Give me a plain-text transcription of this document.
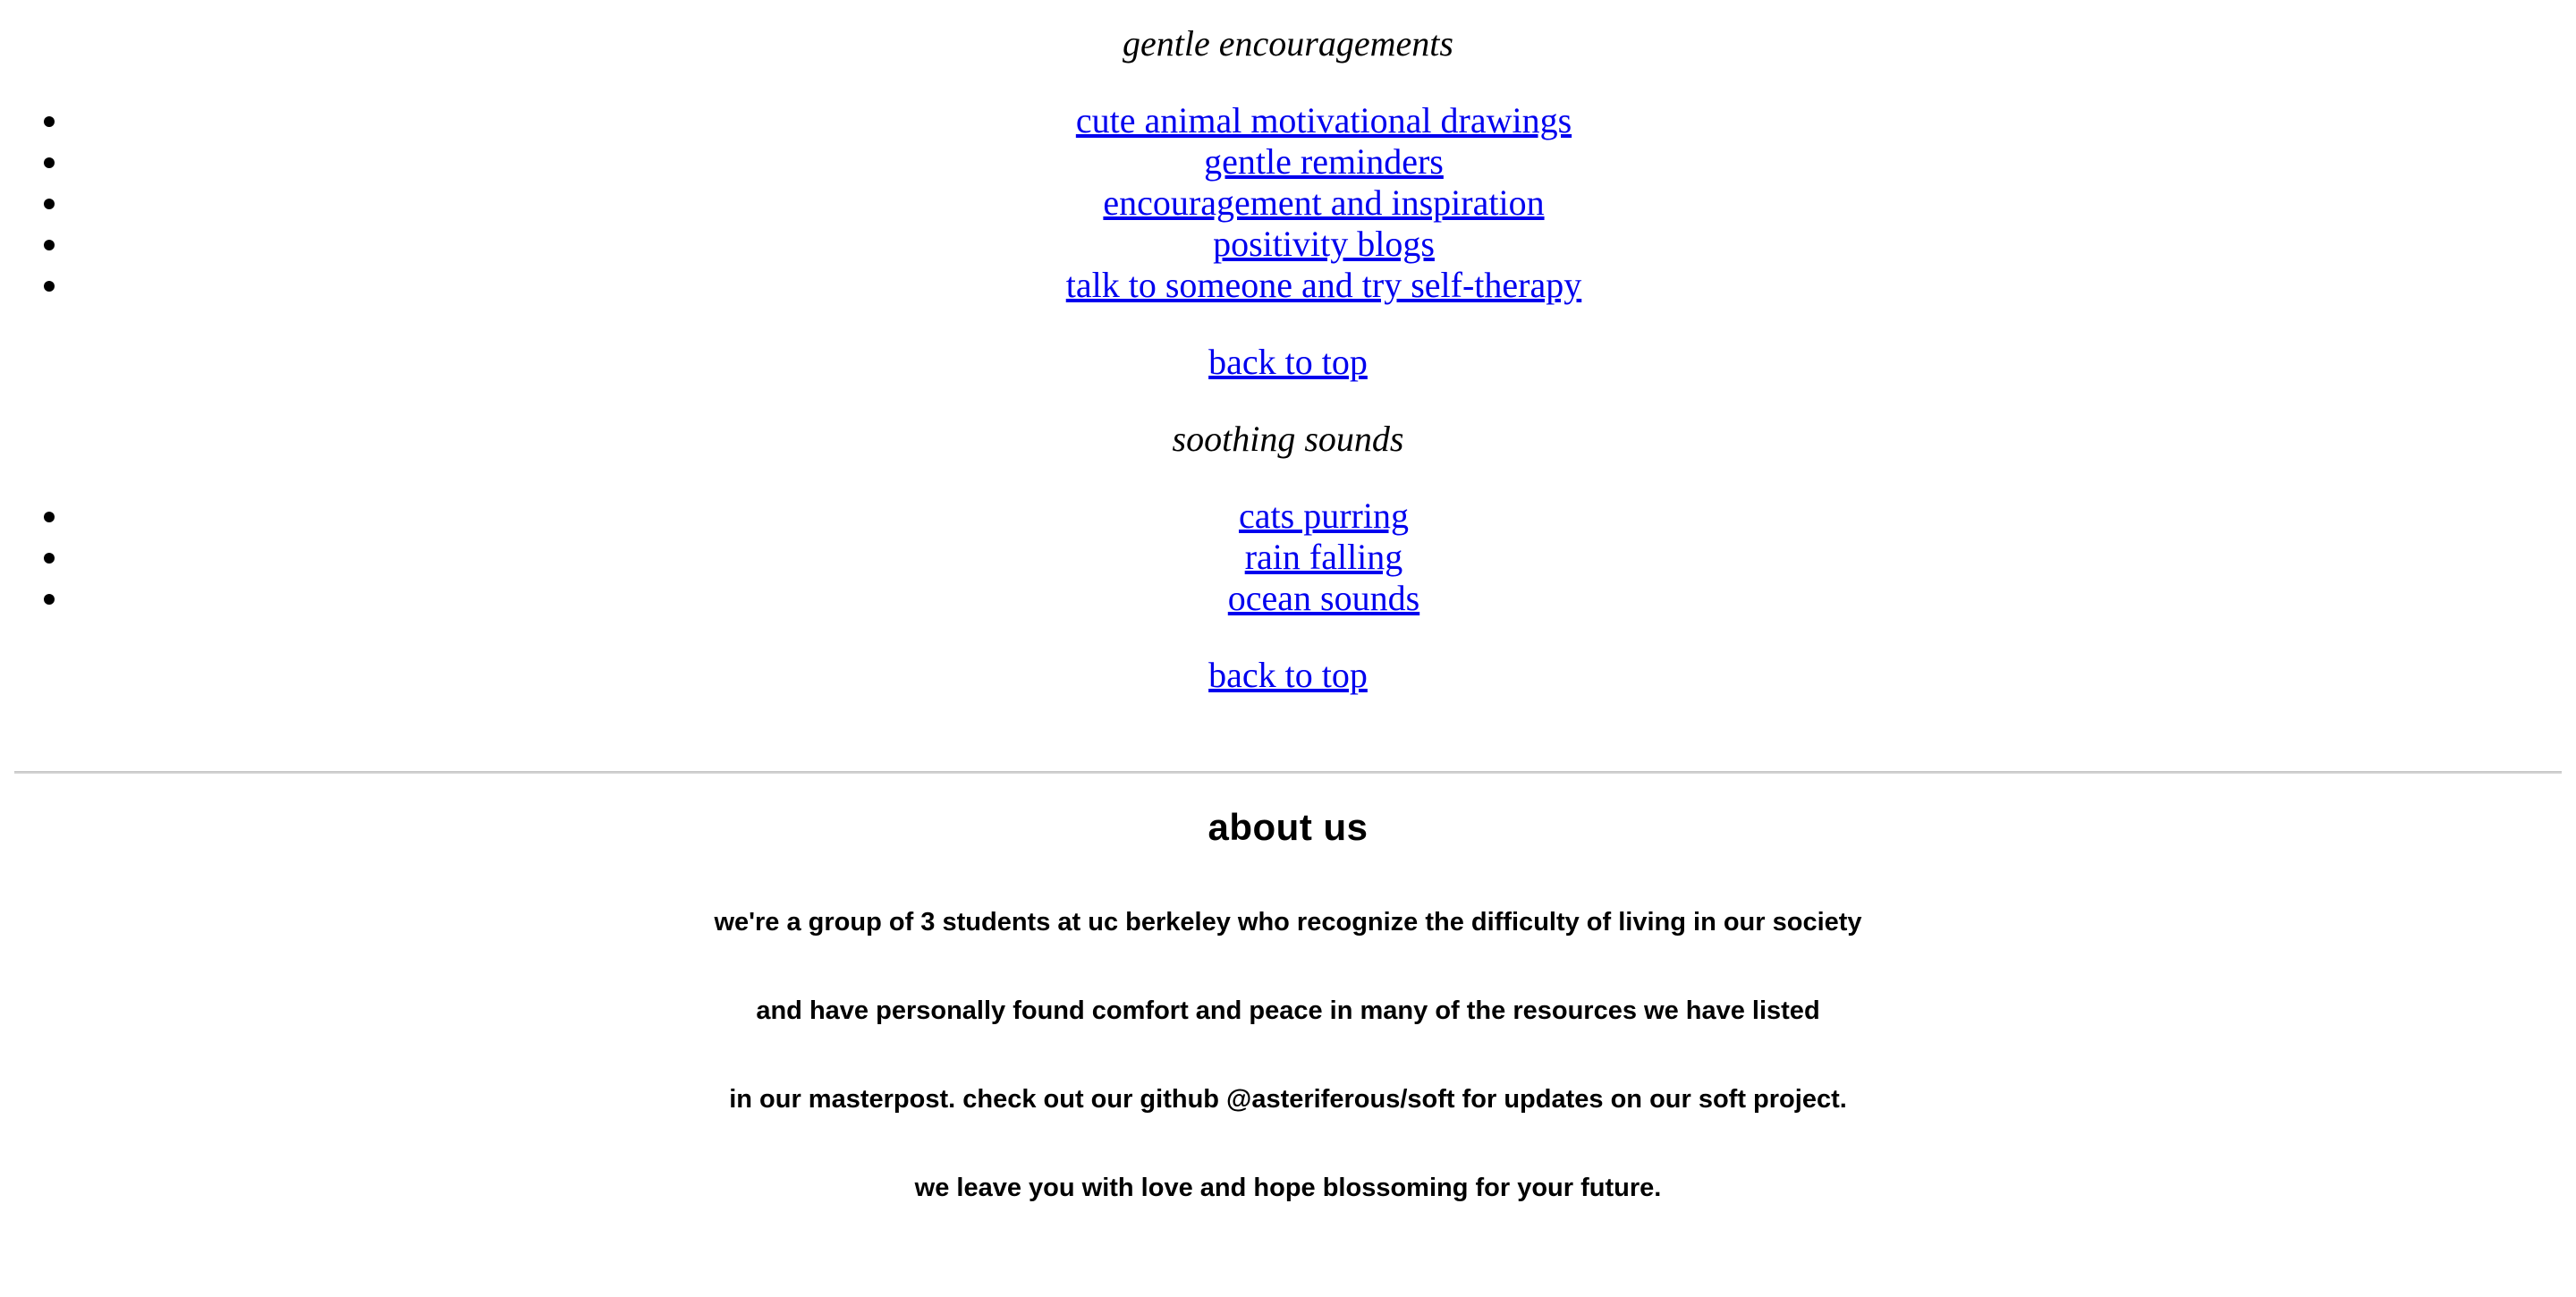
gentle encouragements

• cute animal motivational drawings
• gentle reminders
• encouragement and inspiration
• positivity blogs
• talk to someone and try self-therapy

back to top

soothing sounds

• cats purring
• rain falling
• ocean sounds

back to top

about us

we're a group of 3 students at uc berkeley who recognize the difficulty of living in our society

and have personally found comfort and peace in many of the resources we have listed

in our masterpost. check out our github @asteriferous/soft for updates on our soft project.

we leave you with love and hope blossoming for your future.
